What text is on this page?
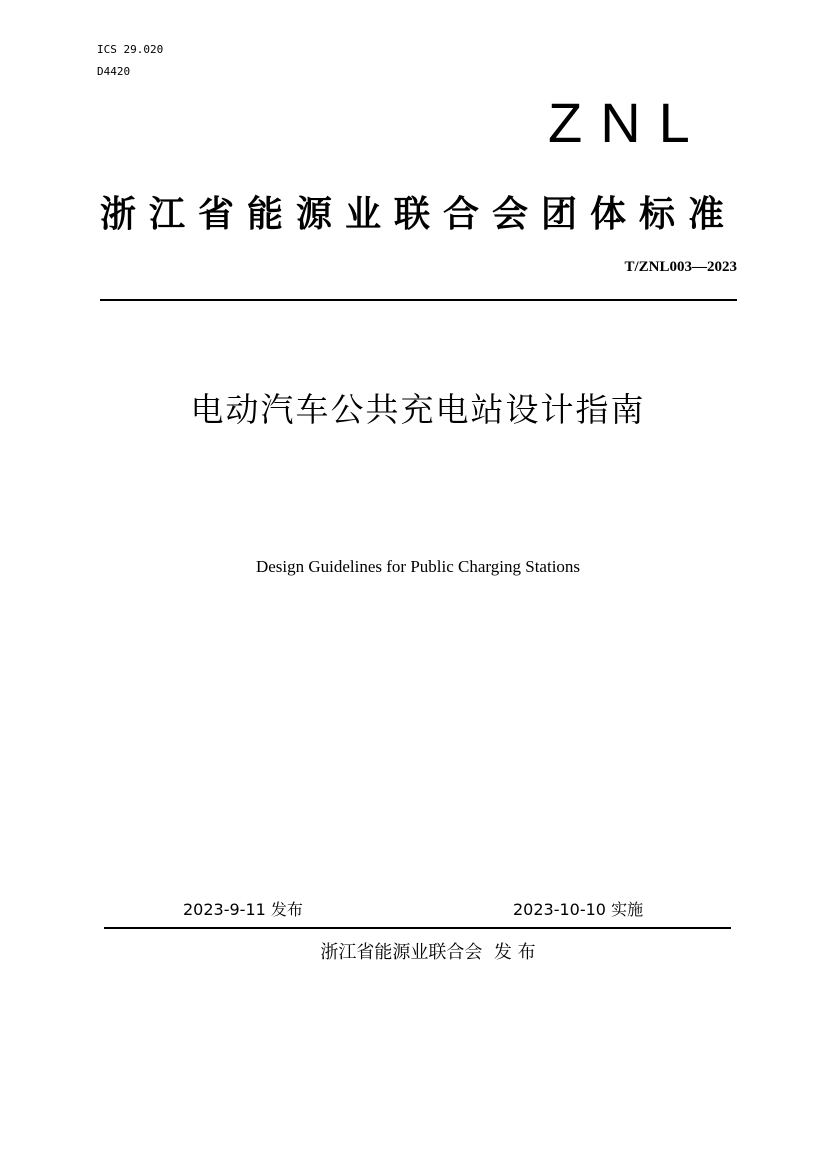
ICS 29.020
D4420
ZNL
浙江省能源业联合会团体标准
T/ZNL003—2023
电动汽车公共充电站设计指南
Design Guidelines for Public Charging Stations
2023-9-11 发布	2023-10-10 实施
浙江省能源业联合会  发 布
